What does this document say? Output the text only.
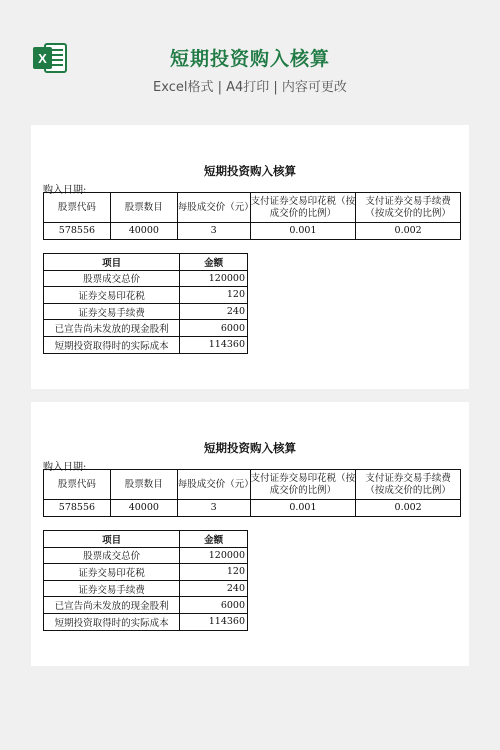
X	短期投资购入核算
Excel格式 | A4打印 | 内容可更改
短期投资购入核算
购入日期:
股票代码	股票数目	每股成交价（元）	支付证券交易印花税（按成交价的比例）	支付证券交易手续费（按成交价的比例）
578556	40000	3	0.001	0.002
项目	金额
股票成交总价	120000
证券交易印花税	120
证券交易手续费	240
已宣告尚未发放的现金股利	6000
短期投资取得时的实际成本	114360
短期投资购入核算
购入日期:
股票代码	股票数目	每股成交价（元）	支付证券交易印花税（按成交价的比例）	支付证券交易手续费（按成交价的比例）
578556	40000	3	0.001	0.002
项目	金额
股票成交总价	120000
证券交易印花税	120
证券交易手续费	240
已宣告尚未发放的现金股利	6000
短期投资取得时的实际成本	114360
